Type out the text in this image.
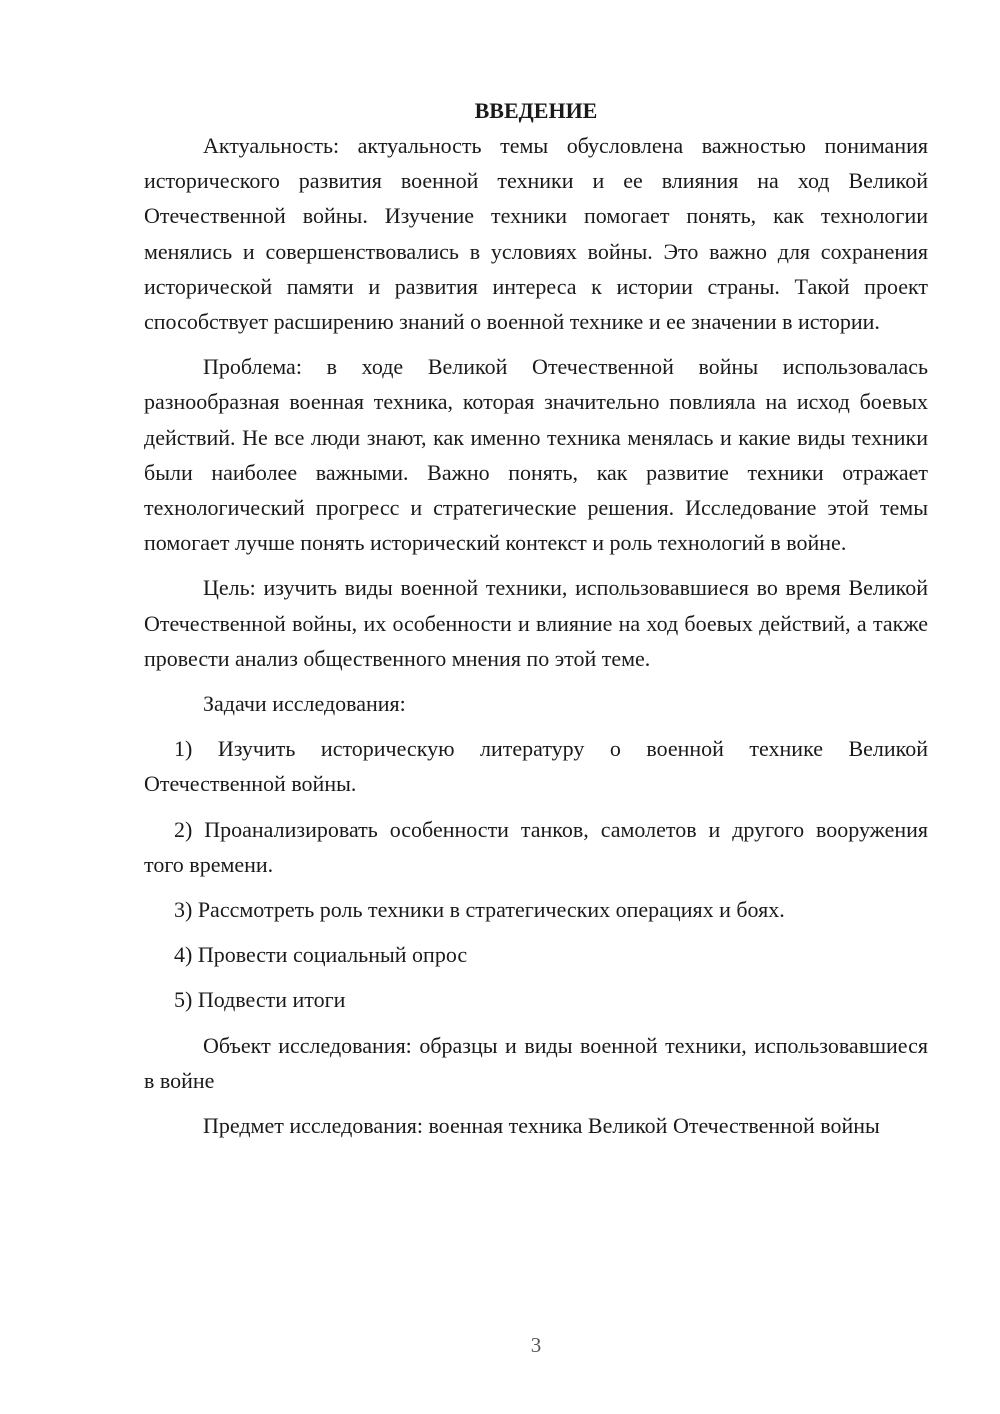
ВВЕДЕНИЕ

Актуальность: актуальность темы обусловлена важностью понимания исторического развития военной техники и ее влияния на ход Великой Отечественной войны. Изучение техники помогает понять, как технологии менялись и совершенствовались в условиях войны. Это важно для сохранения исторической памяти и развития интереса к истории страны. Такой проект способствует расширению знаний о военной технике и ее значении в истории.

Проблема: в ходе Великой Отечественной войны использовалась разнообразная военная техника, которая значительно повлияла на исход боевых действий. Не все люди знают, как именно техника менялась и какие виды техники были наиболее важными. Важно понять, как развитие техники отражает технологический прогресс и стратегические решения. Исследование этой темы помогает лучше понять исторический контекст и роль технологий в войне.

Цель: изучить виды военной техники, использовавшиеся во время Великой Отечественной войны, их особенности и влияние на ход боевых действий, а также провести анализ общественного мнения по этой теме.

Задачи исследования:

1) Изучить историческую литературу о военной технике Великой Отечественной войны.

2) Проанализировать особенности танков, самолетов и другого вооружения того времени.

3) Рассмотреть роль техники в стратегических операциях и боях.

4) Провести социальный опрос

5) Подвести итоги

Объект исследования: образцы и виды военной техники, использовавшиеся в войне

Предмет исследования: военная техника Великой Отечественной войны

3
